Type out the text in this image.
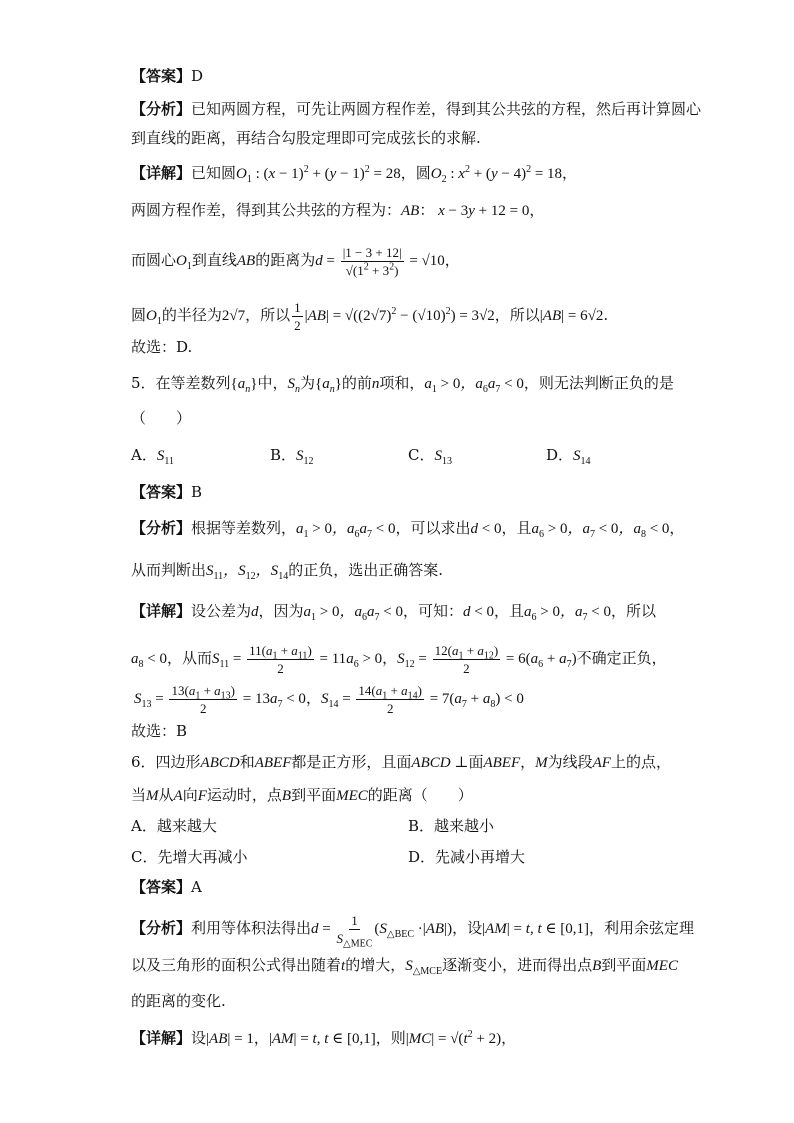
【答案】D
【分析】已知两圆方程，可先让两圆方程作差，得到其公共弦的方程，然后再计算圆心
到直线的距离，再结合勾股定理即可完成弦长的求解.
【详解】已知圆$O_1$ : $(x - 1)^2 + (y - 1)^2 = 28$，圆$O_2$ : $x^2 + (y - 4)^2 = 18$，
两圆方程作差，得到其公共弦的方程为：AB： x − 3y + 12 = 0，
而圆心$O_1$到直线AB的距离为$d = \frac{|1 - 3 + 12|}{√(1^2 + 3^2)} = √10$，
圆$O_1$的半径为2√7，所以 $\frac{1}{2} |AB| = √((2√7)^2 - (√10)^2) = 3√2$，所以|AB| = 6√2.
故选：D.
5．在等差数列$\{a_n\}$中，$S_n$为$\{a_n\}$的前n项和，$a_1 > 0$，$a_6a_7 < 0$，则无法判断正负的是
（　　）
A．$S_{11}$	B．$S_{12}$	C．$S_{13}$	D．$S_{14}$
【答案】B
【分析】根据等差数列，$a_1 > 0$，$a_6a_7 < 0$，可以求出d < 0，且$a_6 > 0$，$a_7 < 0$，$a_8 < 0$，
从而判断出$S_{11}$，$S_{12}$，$S_{14}$的正负，选出正确答案.
【详解】设公差为d，因为$a_1 > 0$，$a_6a_7 < 0$，可知：d < 0，且$a_6 > 0$，$a_7 < 0$，所以
$a_8 < 0$，从而$S_{11} = \frac{11(a_1 + a_{11})}{2} = 11a_6 > 0$，$S_{12} = \frac{12(a_1 + a_{12})}{2} = 6(a_6 + a_7)$不确定正负，
$S_{13} = \frac{13(a_1 + a_{13})}{2} = 13a_7 < 0$，$S_{14} = \frac{14(a_1 + a_{14})}{2} = 7(a_7 + a_8) < 0$
故选：B
6．四边形ABCD和ABEF都是正方形，且面ABCD ⊥面ABEF，M为线段AF上的点，
当M从A向F运动时，点B到平面MEC的距离（　　）
A．越来越大	B．越来越小
C．先增大再减小	D．先减小再增大
【答案】A
【分析】利用等体积法得出$d = \frac{1}{S_{\triangle MEC}} (S_{\triangle BEC} \cdot|AB|)$，设|AM| = t, t ∈ [0,1]，利用余弦定理
以及三角形的面积公式得出随着t的增大，$S_{\triangle MCE}$逐渐变小，进而得出点B到平面MEC
的距离的变化.
【详解】设|AB| = 1，|AM| = t, t ∈ [0,1]，则$|MC| = √(t^2 + 2)$，
